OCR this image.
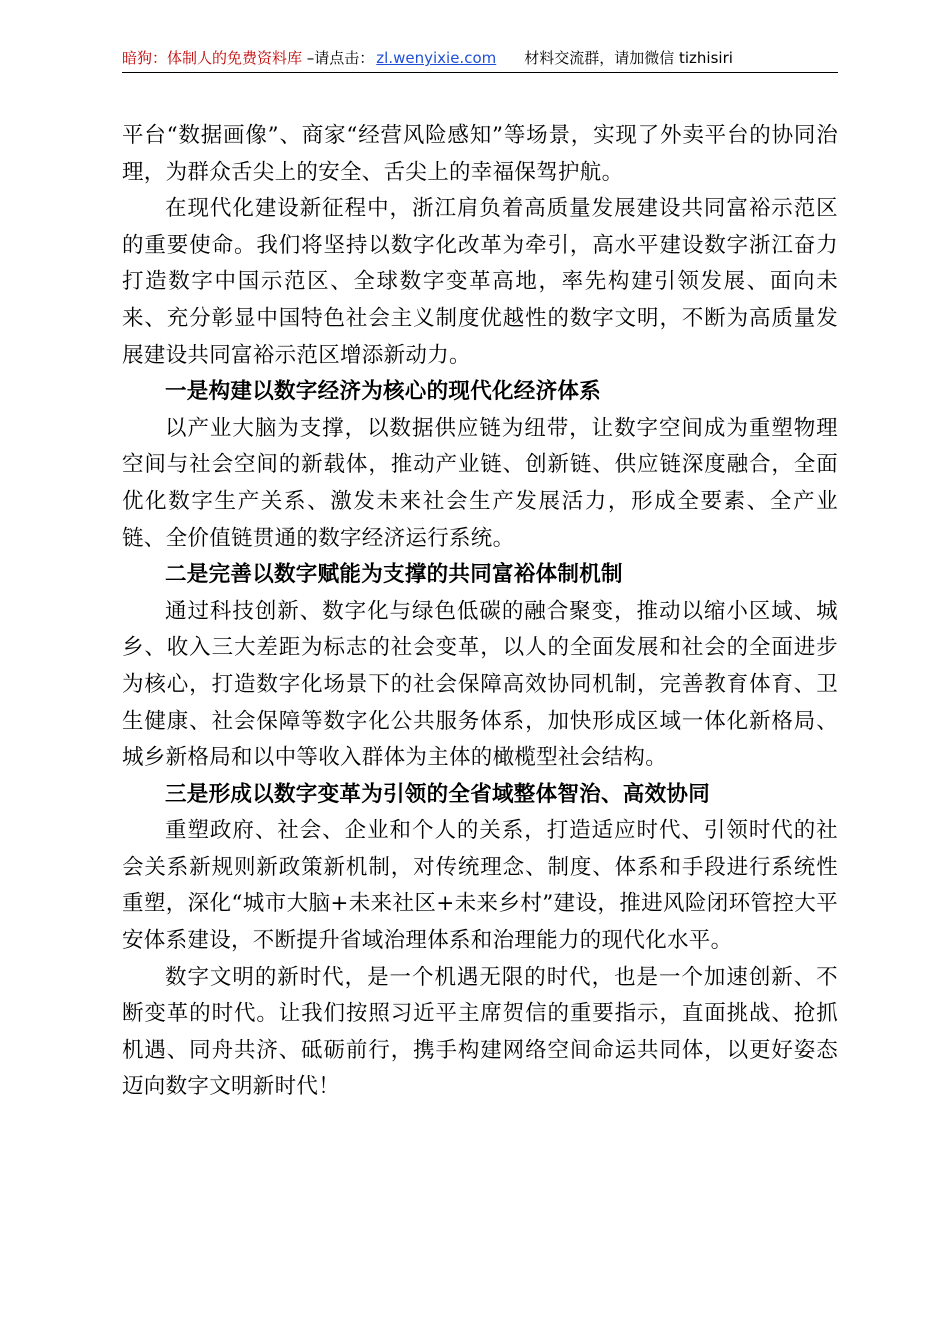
暗狗：体制人的免费资料库 –请点击： zl.wenyixie.com 材料交流群，请加微信 tizhisiri

平台“数据画像”、商家“经营风险感知”等场景，实现了外卖平台的协同治理，为群众舌尖上的安全、舌尖上的幸福保驾护航。

在现代化建设新征程中，浙江肩负着高质量发展建设共同富裕示范区的重要使命。我们将坚持以数字化改革为牵引，高水平建设数字浙江奋力打造数字中国示范区、全球数字变革高地，率先构建引领发展、面向未来、充分彰显中国特色社会主义制度优越性的数字文明，不断为高质量发展建设共同富裕示范区增添新动力。

一是构建以数字经济为核心的现代化经济体系

以产业大脑为支撑，以数据供应链为纽带，让数字空间成为重塑物理空间与社会空间的新载体，推动产业链、创新链、供应链深度融合，全面优化数字生产关系、激发未来社会生产发展活力，形成全要素、全产业链、全价值链贯通的数字经济运行系统。

二是完善以数字赋能为支撑的共同富裕体制机制

通过科技创新、数字化与绿色低碳的融合聚变，推动以缩小区域、城乡、收入三大差距为标志的社会变革，以人的全面发展和社会的全面进步为核心，打造数字化场景下的社会保障高效协同机制，完善教育体育、卫生健康、社会保障等数字化公共服务体系，加快形成区域一体化新格局、城乡新格局和以中等收入群体为主体的橄榄型社会结构。

三是形成以数字变革为引领的全省域整体智治、高效协同

重塑政府、社会、企业和个人的关系，打造适应时代、引领时代的社会关系新规则新政策新机制，对传统理念、制度、体系和手段进行系统性重塑，深化“城市大脑+未来社区+未来乡村”建设，推进风险闭环管控大平安体系建设，不断提升省域治理体系和治理能力的现代化水平。

数字文明的新时代，是一个机遇无限的时代，也是一个加速创新、不断变革的时代。让我们按照习近平主席贺信的重要指示，直面挑战、抢抓机遇、同舟共济、砥砺前行，携手构建网络空间命运共同体，以更好姿态迈向数字文明新时代！
